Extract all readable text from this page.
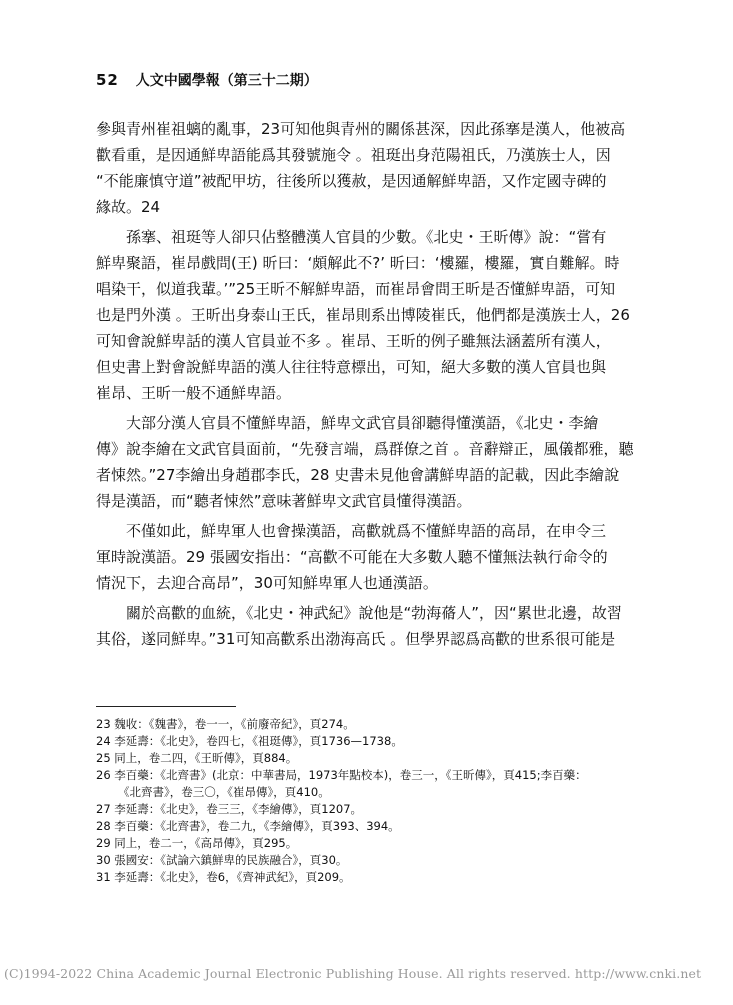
52 人文中國學報（第三十二期）
參與青州崔祖螭的亂事，23可知他與青州的關係甚深，因此孫搴是漢人，他被高
歡看重，是因通鮮卑語能爲其發號施令 。祖珽出身范陽祖氏，乃漢族士人，因
“不能廉慎守道”被配甲坊，往後所以獲赦，是因通解鮮卑語，又作定國寺碑的
緣故。24
孫搴、祖珽等人卻只佔整體漢人官員的少數。《北史・王昕傳》說：“嘗有
鮮卑聚語，崔昂戲問(王) 昕曰：‘頗解此不?’ 昕曰：‘樓羅，樓羅，實自難解。時
唱染干，似道我輩。’”25王昕不解鮮卑語，而崔昂會問王昕是否懂鮮卑語，可知
也是門外漢 。王昕出身泰山王氏，崔昂則系出博陵崔氏，他們都是漢族士人，26
可知會說鮮卑話的漢人官員並不多 。崔昂、王昕的例子雖無法涵蓋所有漢人，
但史書上對會說鮮卑語的漢人往往特意標出，可知，絕大多數的漢人官員也與
崔昂、王昕一般不通鮮卑語。
大部分漢人官員不懂鮮卑語，鮮卑文武官員卻聽得懂漢語，《北史・李繪
傳》說李繪在文武官員面前，“先發言端，爲群僚之首 。音辭辯正，風儀都雅，聽
者悚然。”27李繪出身趙郡李氏，28 史書未見他會講鮮卑語的記載，因此李繪說
得是漢語，而“聽者悚然”意味著鮮卑文武官員懂得漢語。
不僅如此，鮮卑軍人也會操漢語，高歡就爲不懂鮮卑語的高昂，在申令三
軍時說漢語。29 張國安指出：“高歡不可能在大多數人聽不懂無法執行命令的
情況下，去迎合高昂”，30可知鮮卑軍人也通漢語。
關於高歡的血統，《北史・神武紀》說他是“勃海蓨人”，因“累世北邊，故習
其俗，遂同鮮卑。”31可知高歡系出渤海高氏 。但學界認爲高歡的世系很可能是
23 魏收：《魏書》，卷一一，《前廢帝紀》，頁274。
24 李延壽：《北史》，卷四七，《祖珽傳》，頁1736—1738。
25 同上，卷二四，《王昕傳》，頁884。
26 李百藥：《北齊書》(北京：中華書局，1973年點校本)，卷三一，《王昕傳》，頁415;李百藥：
《北齊書》，卷三〇，《崔昂傳》，頁410。
27 李延壽：《北史》，卷三三，《李繪傳》，頁1207。
28 李百藥：《北齊書》，卷二九，《李繪傳》，頁393、394。
29 同上，卷二一，《高昂傳》，頁295。
30 張國安：《試論六鎮鮮卑的民族融合》，頁30。
31 李延壽：《北史》，卷6，《齊神武紀》，頁209。
(C)1994-2022 China Academic Journal Electronic Publishing House. All rights reserved. http://www.cnki.net
